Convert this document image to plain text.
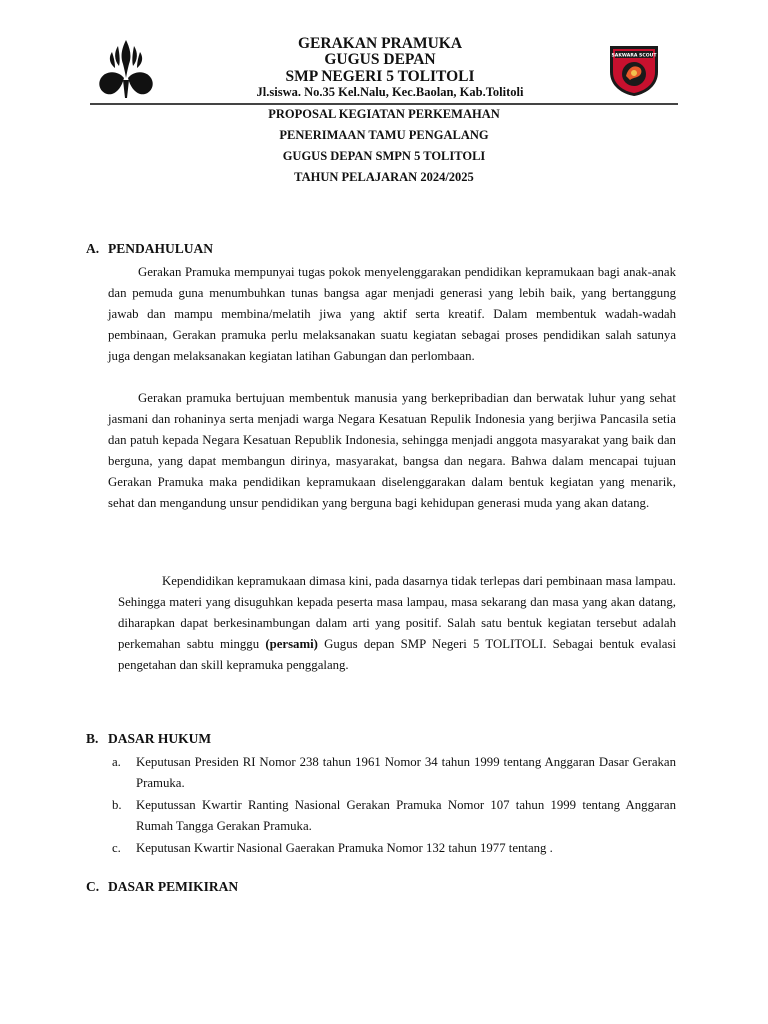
GERAKAN PRAMUKA
GUGUS DEPAN
SMP NEGERI 5 TOLITOLI
Jl.siswa. No.35 Kel.Nalu, Kec.Baolan, Kab.Tolitoli
SAKWARA SCOUT
PROPOSAL KEGIATAN PERKEMAHAN
PENERIMAAN TAMU PENGALANG
GUGUS DEPAN SMPN 5 TOLITOLI
TAHUN PELAJARAN 2024/2025
A. PENDAHULUAN

Gerakan Pramuka mempunyai tugas pokok menyelenggarakan pendidikan kepramukaan bagi anak-anak dan pemuda guna menumbuhkan tunas bangsa agar menjadi generasi yang lebih baik, yang bertanggung jawab dan mampu membina/melatih jiwa yang aktif serta kreatif. Dalam membentuk wadah-wadah pembinaan, Gerakan pramuka perlu melaksanakan suatu kegiatan sebagai proses pendidikan salah satunya juga dengan melaksanakan kegiatan latihan Gabungan dan perlombaan.

Gerakan pramuka bertujuan membentuk manusia yang berkepribadian dan berwatak luhur yang sehat jasmani dan rohaninya serta menjadi warga Negara Kesatuan Repulik Indonesia yang berjiwa Pancasila setia dan patuh kepada Negara Kesatuan Republik Indonesia, sehingga menjadi anggota masyarakat yang baik dan berguna, yang dapat membangun dirinya, masyarakat, bangsa dan negara. Bahwa dalam mencapai tujuan Gerakan Pramuka maka pendidikan kepramukaan diselenggarakan dalam bentuk kegiatan yang menarik, sehat dan mengandung unsur pendidikan yang berguna bagi kehidupan generasi muda yang akan datang.

Kependidikan kepramukaan dimasa kini, pada dasarnya tidak terlepas dari pembinaan masa lampau. Sehingga materi yang disuguhkan kepada peserta masa lampau, masa sekarang dan masa yang akan datang, diharapkan dapat berkesinambungan dalam arti yang positif. Salah satu bentuk kegiatan tersebut adalah perkemahan sabtu minggu (persami) Gugus depan SMP Negeri 5 TOLITOLI. Sebagai bentuk evalasi pengetahan dan skill kepramuka penggalang.

B. DASAR HUKUM
a. Keputusan Presiden RI Nomor 238 tahun 1961 Nomor 34 tahun 1999 tentang Anggaran Dasar Gerakan Pramuka.
b. Keputussan Kwartir Ranting Nasional Gerakan Pramuka Nomor 107 tahun 1999 tentang Anggaran Rumah Tangga Gerakan Pramuka.
c. Keputusan Kwartir Nasional Gaerakan Pramuka Nomor 132 tahun 1977 tentang .
C. DASAR PEMIKIRAN
